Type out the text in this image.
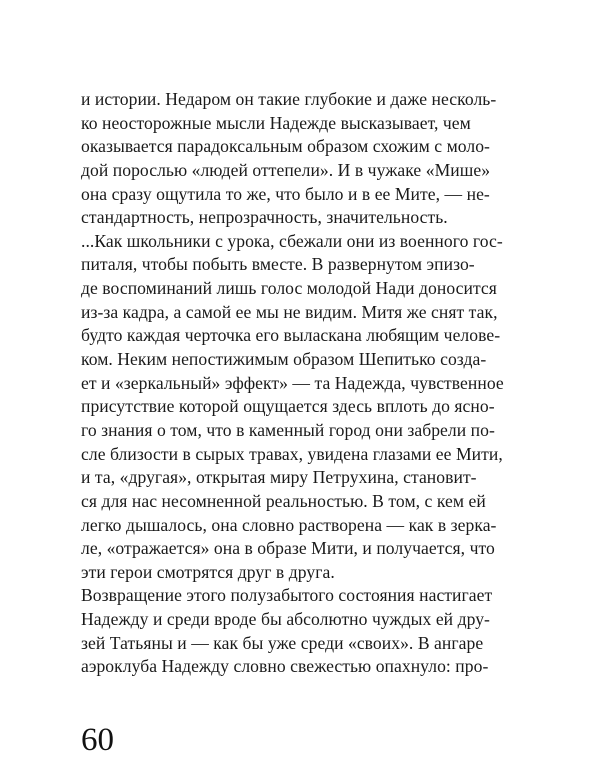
и истории. Недаром он такие глубокие и даже несколь-
ко неосторожные мысли Надежде высказывает, чем
оказывается парадоксальным образом схожим с моло-
дой порослью «людей оттепели». И в чужаке «Мише»
она сразу ощутила то же, что было и в ее Мите, — не-
стандартность, непрозрачность, значительность.
...Как школьники с урока, сбежали они из военного гос-
питаля, чтобы побыть вместе. В развернутом эпизо-
де воспоминаний лишь голос молодой Нади доносится
из-за кадра, а самой ее мы не видим. Митя же снят так,
будто каждая черточка его выласкана любящим челове-
ком. Неким непостижимым образом Шепитько созда-
ет и «зеркальный» эффект» — та Надежда, чувственное
присутствие которой ощущается здесь вплоть до ясно-
го знания о том, что в каменный город они забрели по-
сле близости в сырых травах, увидена глазами ее Мити,
и та, «другая», открытая миру Петрухина, становит-
ся для нас несомненной реальностью. В том, с кем ей
легко дышалось, она словно растворена — как в зерка-
ле, «отражается» она в образе Мити, и получается, что
эти герои смотрятся друг в друга.
Возвращение этого полузабытого состояния настигает
Надежду и среди вроде бы абсолютно чуждых ей дру-
зей Татьяны и — как бы уже среди «своих». В ангаре
аэроклуба Надежду словно свежестью опахнуло: про-
60
